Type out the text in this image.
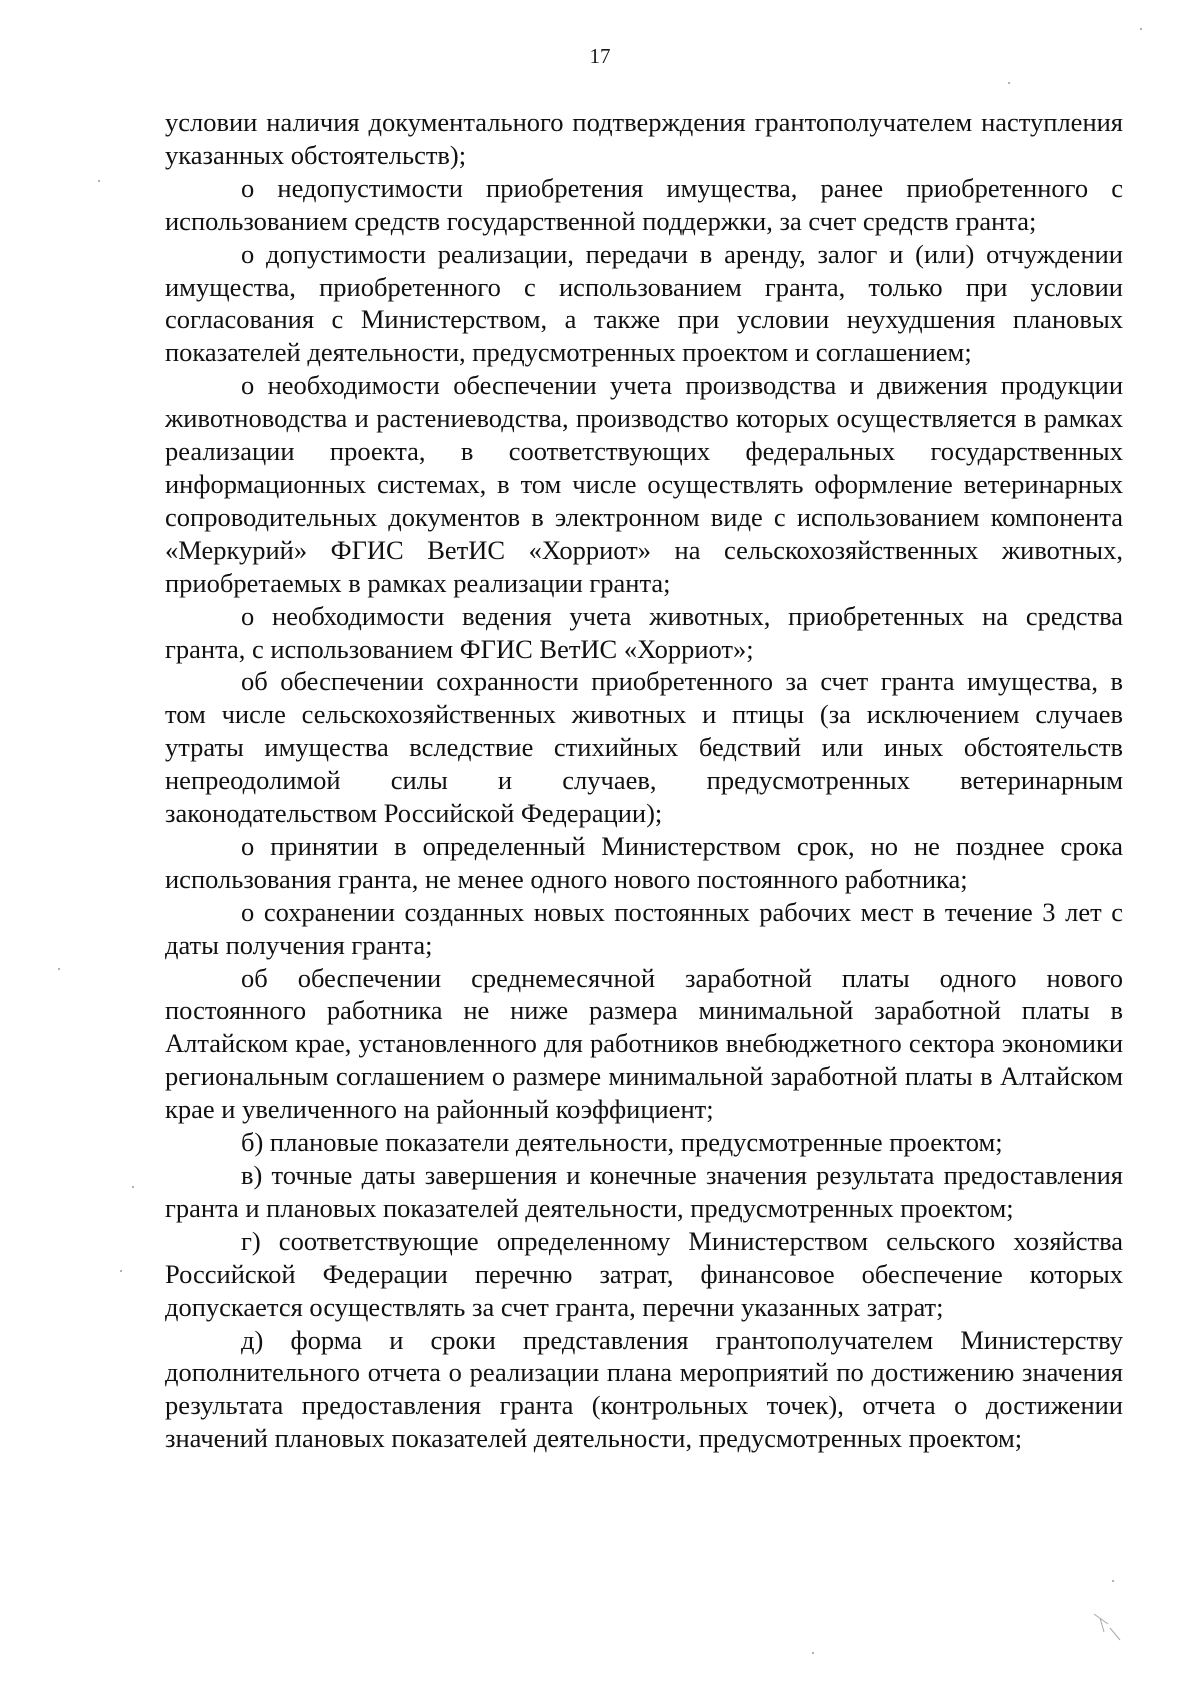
17

условии наличия документального подтверждения грантополучателем наступления указанных обстоятельств);

о недопустимости приобретения имущества, ранее приобретенного с использованием средств государственной поддержки, за счет средств гранта;

о допустимости реализации, передачи в аренду, залог и (или) отчуждении имущества, приобретенного с использованием гранта, только при условии согласования с Министерством, а также при условии неухудшения плановых показателей деятельности, предусмотренных проектом и соглашением;

о необходимости обеспечении учета производства и движения продукции животноводства и растениеводства, производство которых осуществляется в рамках реализации проекта, в соответствующих федеральных государственных информационных системах, в том числе осуществлять оформление ветеринарных сопроводительных документов в электронном виде с использованием компонента «Меркурий» ФГИС ВетИС «Хорриот» на сельскохозяйственных животных, приобретаемых в рамках реализации гранта;

о необходимости ведения учета животных, приобретенных на средства гранта, с использованием ФГИС ВетИС «Хорриот»;

об обеспечении сохранности приобретенного за счет гранта имущества, в том числе сельскохозяйственных животных и птицы (за исключением случаев утраты имущества вследствие стихийных бедствий или иных обстоятельств непреодолимой силы и случаев, предусмотренных ветеринарным законодательством Российской Федерации);

о принятии в определенный Министерством срок, но не позднее срока использования гранта, не менее одного нового постоянного работника;

о сохранении созданных новых постоянных рабочих мест в течение 3 лет с даты получения гранта;

об обеспечении среднемесячной заработной платы одного нового постоянного работника не ниже размера минимальной заработной платы в Алтайском крае, установленного для работников внебюджетного сектора экономики региональным соглашением о размере минимальной заработной платы в Алтайском крае и увеличенного на районный коэффициент;

б) плановые показатели деятельности, предусмотренные проектом;

в) точные даты завершения и конечные значения результата предоставления гранта и плановых показателей деятельности, предусмотренных проектом;

г) соответствующие определенному Министерством сельского хозяйства Российской Федерации перечню затрат, финансовое обеспечение которых допускается осуществлять за счет гранта, перечни указанных затрат;

д) форма и сроки представления грантополучателем Министерству дополнительного отчета о реализации плана мероприятий по достижению значения результата предоставления гранта (контрольных точек), отчета о достижении значений плановых показателей деятельности, предусмотренных проектом;
